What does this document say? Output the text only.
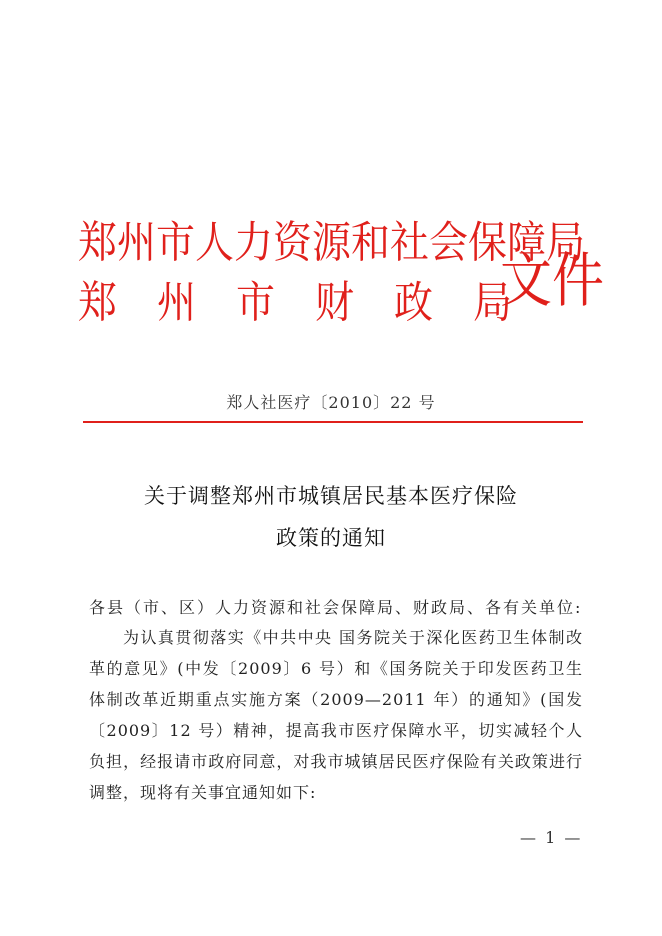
郑州市人力资源和社会保障局
郑 州 市 财 政 局
文件
郑人社医疗〔2010〕22 号
关于调整郑州市城镇居民基本医疗保险
政策的通知
各县（市、区）人力资源和社会保障局、财政局、各有关单位:
为认真贯彻落实《中共中央 国务院关于深化医药卫生体制改革的意见》(中发〔2009〕6 号）和《国务院关于印发医药卫生体制改革近期重点实施方案（2009—2011 年）的通知》(国发〔2009〕12 号）精神，提高我市医疗保障水平，切实减轻个人负担，经报请市政府同意，对我市城镇居民医疗保险有关政策进行调整，现将有关事宜通知如下:
— 1 —
